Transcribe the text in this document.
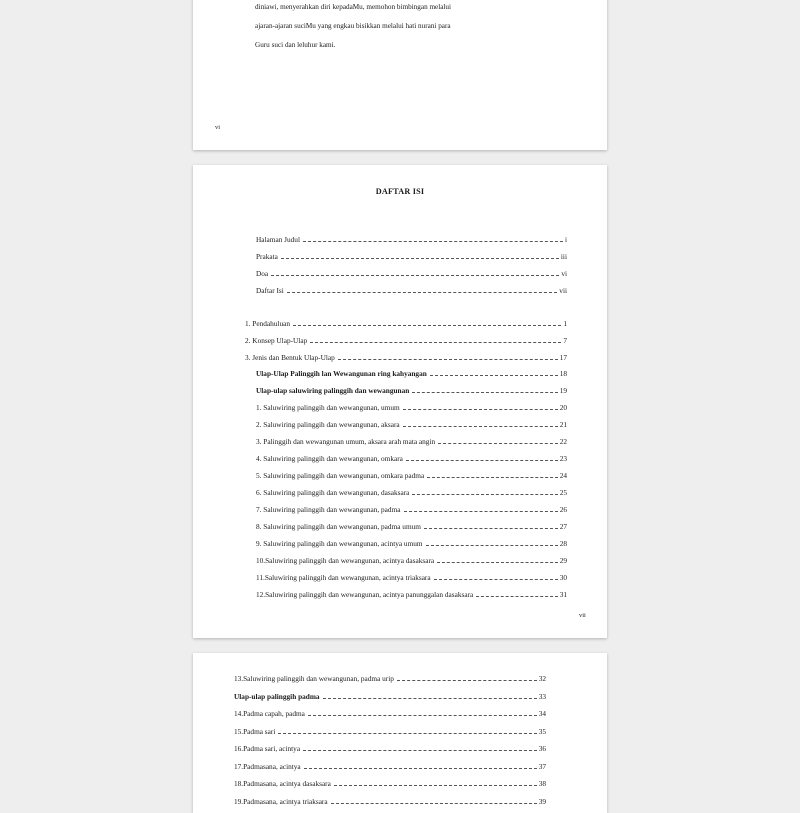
diniawi, menyerahkan diri kepadaMu, memohon bimbingan melalui
ajaran-ajaran suciMu yang engkau bisikkan melalui hati nurani para
Guru suci dan leluhur kami.
vi
DAFTAR ISI
Halaman Judul	i
Prakata	iii
Doa	vi
Daftar Isi	vii
1. Pendahuluan	1
2. Konsep Ulap-Ulap	7
3. Jenis dan Bentuk Ulap-Ulap	17
Ulap-Ulap Palinggih lan Wewangunan ring kahyangan	18
Ulap-ulap saluwiring palinggih dan wewangunan	19
1. Saluwiring palinggih dan wewangunan, umum	20
2. Saluwiring palinggih dan wewangunan, aksara	21
3. Palinggih dan wewangunan umum, aksara arah mata angin	22
4. Saluwiring palinggih dan wewangunan, omkara	23
5. Saluwiring palinggih dan wewangunan, omkara padma	24
6. Saluwiring palinggih dan wewangunan, dasaksara	25
7. Saluwiring palinggih dan wewangunan, padma	26
8. Saluwiring palinggih dan wewangunan, padma umum	27
9. Saluwiring palinggih dan wewangunan, acintya umum	28
10.Saluwiring palinggih dan wewangunan, acintya dasaksara	29
11.Saluwiring palinggih dan wewangunan, acintya triaksara	30
12.Saluwiring palinggih dan wewangunan, acintya panunggalan dasaksara	31
vii
13.Saluwiring palinggih dan wewangunan, padma urip	32
Ulap-ulap palinggih padma	33
14.Padma capah, padma	34
15.Padma sari	35
16.Padma sari, acintya	36
17.Padmasana, acintya	37
18.Padmasana, acintya dasaksara	38
19.Padmasana, acintya triaksara	39
